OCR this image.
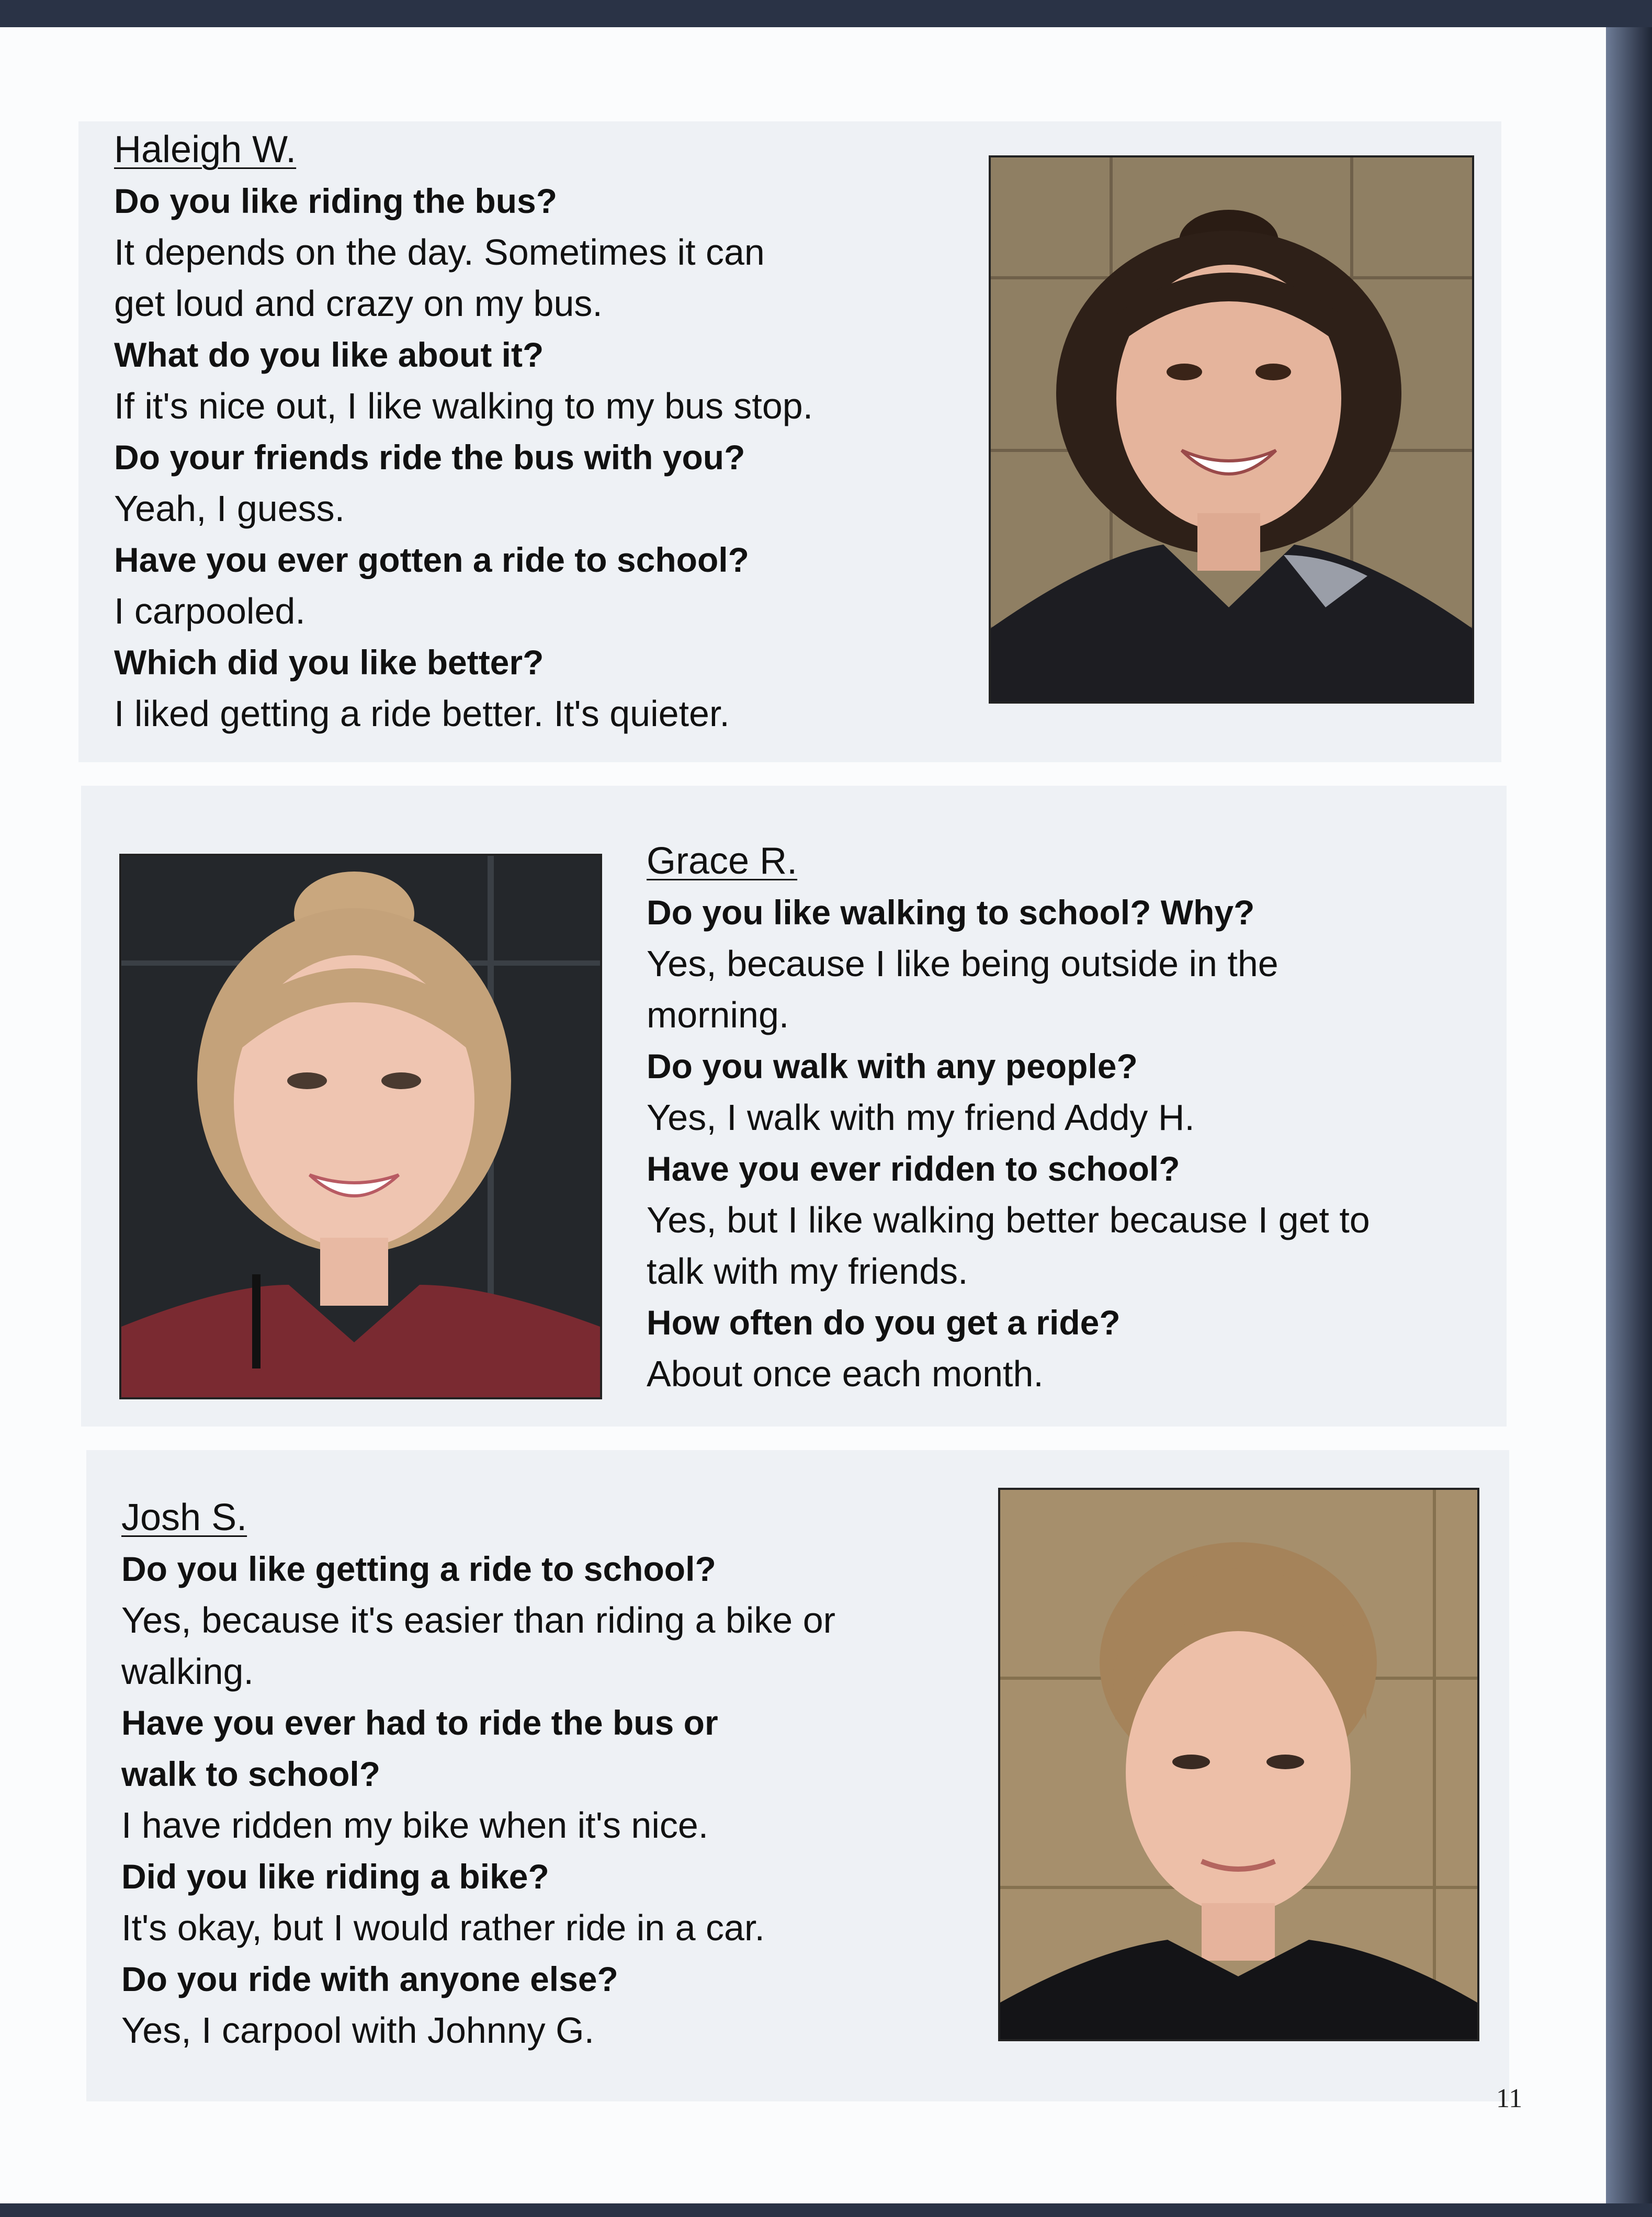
Haleigh W.
Do you like riding the bus?
It depends on the day. Sometimes it can
get loud and crazy on my bus.
What do you like about it?
If it's nice out, I like walking to my bus stop.
Do your friends ride the bus with you?
Yeah, I guess.
Have you ever gotten a ride to school?
I carpooled.
Which did you like better?
I liked getting a ride better. It's quieter.
Grace R.
Do you like walking to school? Why?
Yes, because I like being outside in the
morning.
Do you walk with any people?
Yes, I walk with my friend Addy H.
Have you ever ridden to school?
Yes, but I like walking better because I get to
talk with my friends.
How often do you get a ride?
About once each month.
Josh S.
Do you like getting a ride to school?
Yes, because it's easier than riding a bike or
walking.
Have you ever had to ride the bus or
walk to school?
I have ridden my bike when it's nice.
Did you like riding a bike?
It's okay, but I would rather ride in a car.
Do you ride with anyone else?
Yes, I carpool with Johnny G.
11
